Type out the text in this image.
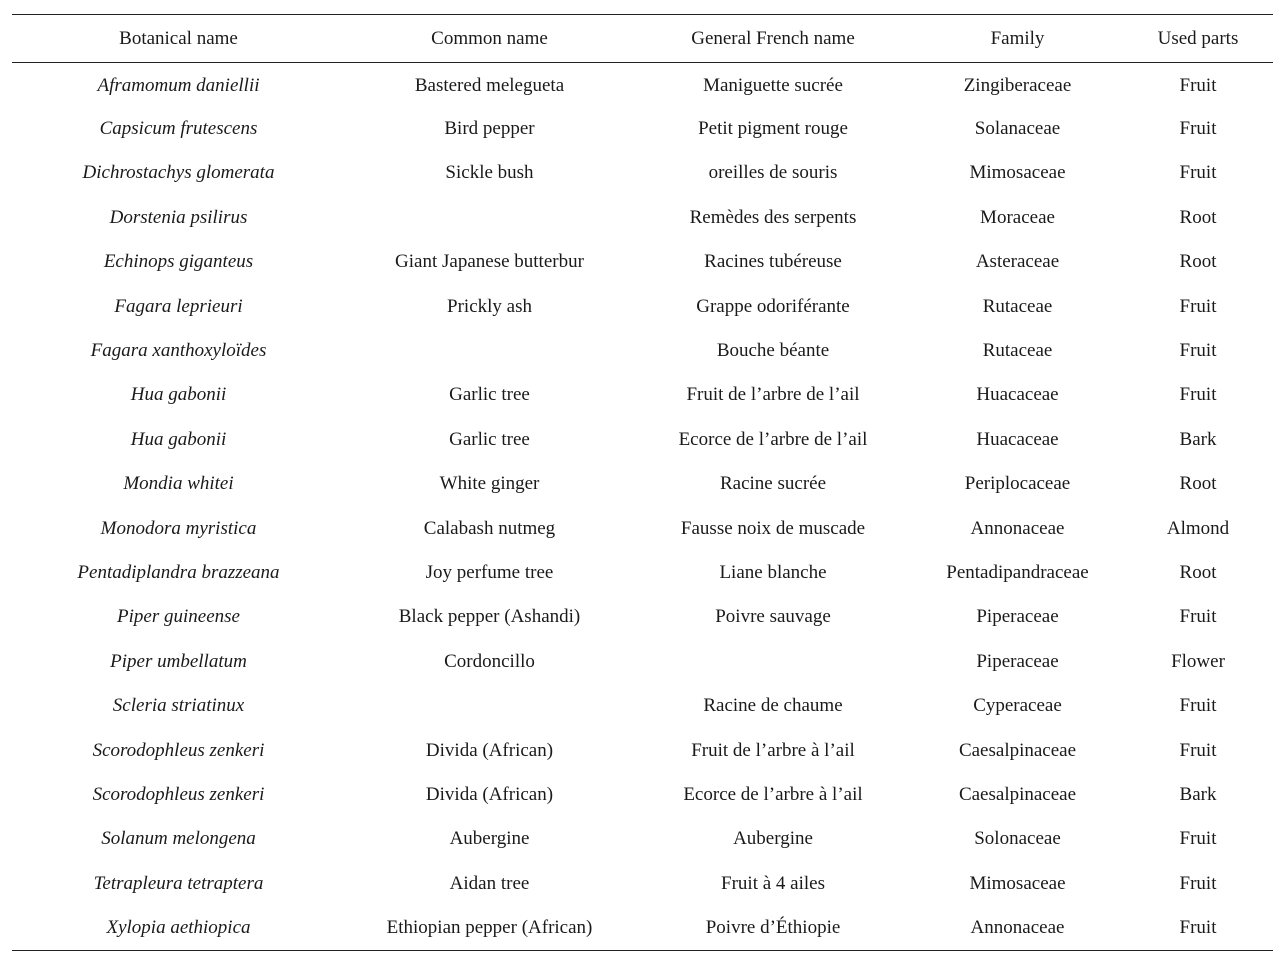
Botanical name	Common name	General French name	Family	Used parts
Aframomum daniellii	Bastered melegueta	Maniguette sucrée	Zingiberaceae	Fruit
Capsicum frutescens	Bird pepper	Petit pigment rouge	Solanaceae	Fruit
Dichrostachys glomerata	Sickle bush	oreilles de souris	Mimosaceae	Fruit
Dorstenia psilirus		Remèdes des serpents	Moraceae	Root
Echinops giganteus	Giant Japanese butterbur	Racines tubéreuse	Asteraceae	Root
Fagara leprieuri	Prickly ash	Grappe odoriférante	Rutaceae	Fruit
Fagara xanthoxyloïdes		Bouche béante	Rutaceae	Fruit
Hua gabonii	Garlic tree	Fruit de l’arbre de l’ail	Huacaceae	Fruit
Hua gabonii	Garlic tree	Ecorce de l’arbre de l’ail	Huacaceae	Bark
Mondia whitei	White ginger	Racine sucrée	Periplocaceae	Root
Monodora myristica	Calabash nutmeg	Fausse noix de muscade	Annonaceae	Almond
Pentadiplandra brazzeana	Joy perfume tree	Liane blanche	Pentadipandraceae	Root
Piper guineense	Black pepper (Ashandi)	Poivre sauvage	Piperaceae	Fruit
Piper umbellatum	Cordoncillo		Piperaceae	Flower
Scleria striatinux		Racine de chaume	Cyperaceae	Fruit
Scorodophleus zenkeri	Divida (African)	Fruit de l’arbre à l’ail	Caesalpinaceae	Fruit
Scorodophleus zenkeri	Divida (African)	Ecorce de l’arbre à l’ail	Caesalpinaceae	Bark
Solanum melongena	Aubergine	Aubergine	Solonaceae	Fruit
Tetrapleura tetraptera	Aidan tree	Fruit à 4 ailes	Mimosaceae	Fruit
Xylopia aethiopica	Ethiopian pepper (African)	Poivre d’Éthiopie	Annonaceae	Fruit
